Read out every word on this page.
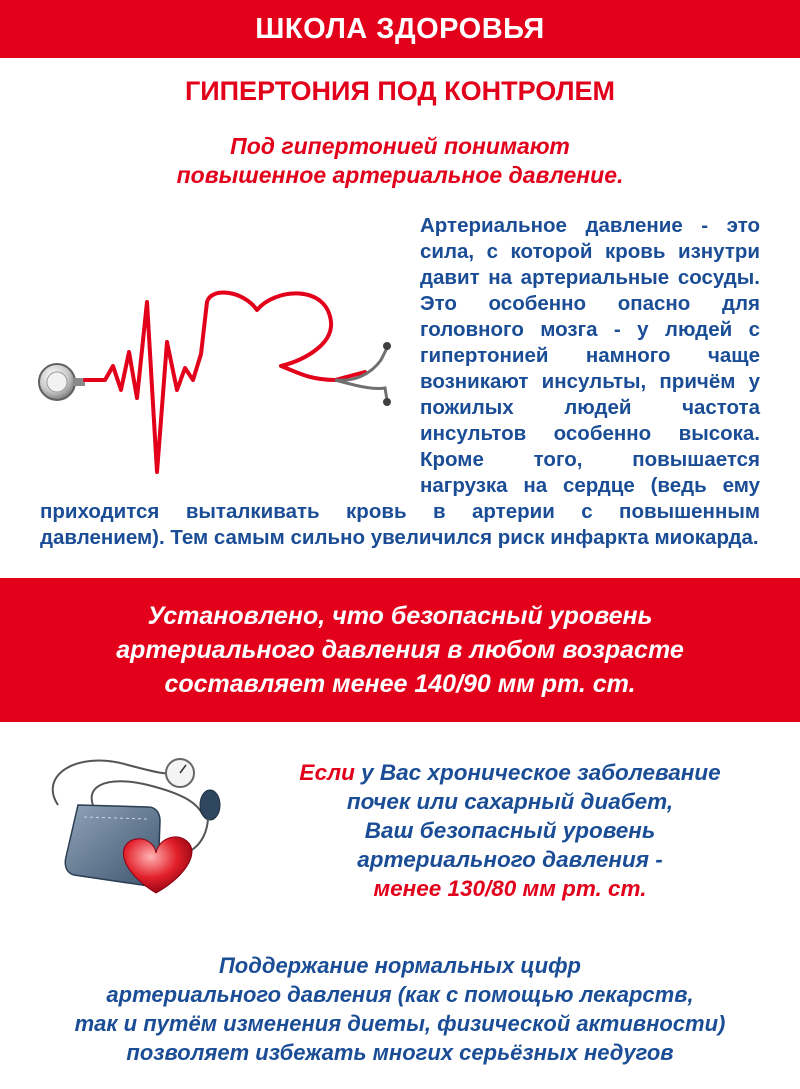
ШКОЛА ЗДОРОВЬЯ
ГИПЕРТОНИЯ ПОД КОНТРОЛЕМ
Под гипертонией понимают
повышенное артериальное давление.

Артериальное давление - это сила, с которой кровь изнутри давит на артериальные сосуды. Это особенно опасно для головного мозга - у людей с гипертонией намного чаще возникают инсульты, причём у пожилых людей частота инсультов особенно высока. Кроме того, повышается нагрузка на сердце (ведь ему приходится выталкивать кровь в артерии с повышенным давлением). Тем самым сильно увеличился риск инфаркта миокарда.

Установлено, что безопасный уровень
артериального давления в любом возрасте
составляет менее 140/90 мм рт. ст.

Если у Вас хроническое заболевание
почек или сахарный диабет,
Ваш безопасный уровень
артериального давления -
менее 130/80 мм рт. ст.
Поддержание нормальных цифр
артериального давления (как с помощью лекарств,
так и путём изменения диеты, физической активности)
позволяет избежать многих серьёзных недугов
